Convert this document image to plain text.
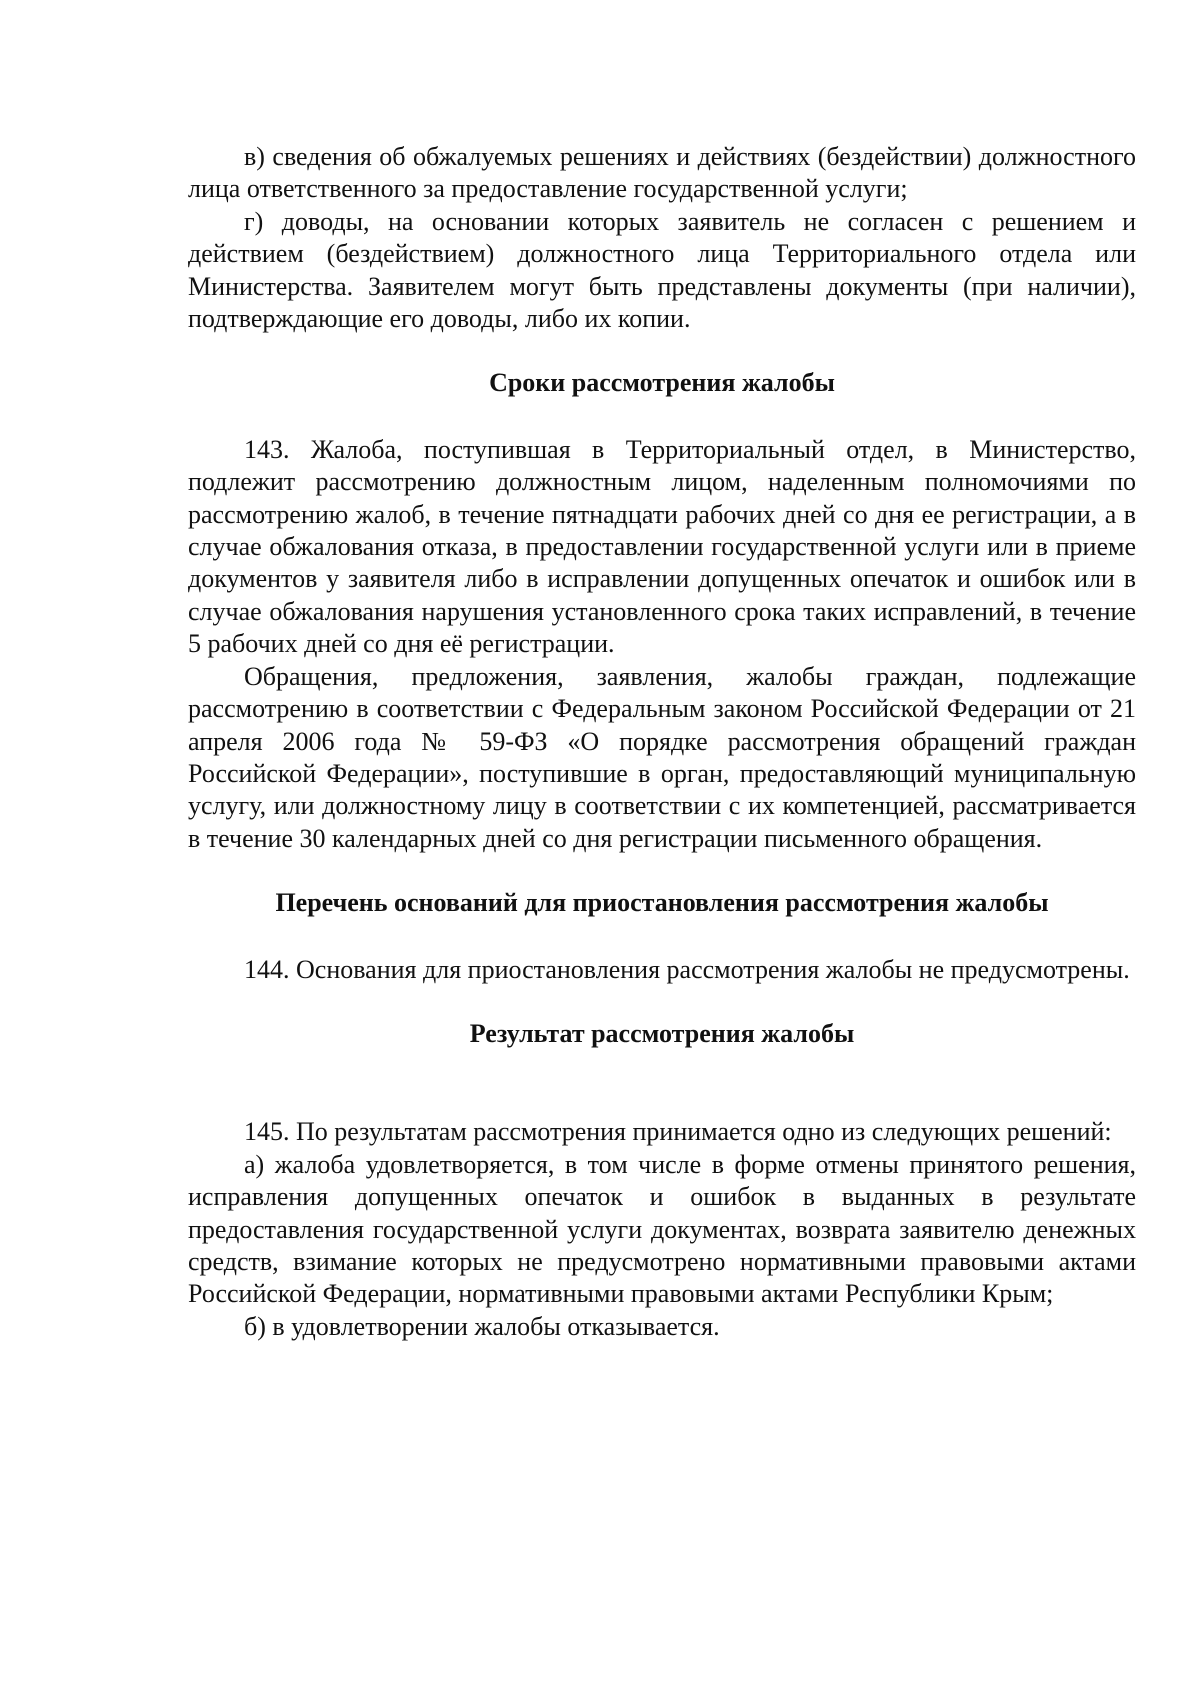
в) сведения об обжалуемых решениях и действиях (бездействии) должностного лица ответственного за предоставление государственной услуги;

г) доводы, на основании которых заявитель не согласен с решением и действием (бездействием) должностного лица Территориального отдела или Министерства. Заявителем могут быть представлены документы (при наличии), подтверждающие его доводы, либо их копии.

Сроки рассмотрения жалобы

143. Жалоба, поступившая в Территориальный отдел, в Министерство, подлежит рассмотрению должностным лицом, наделенным полномочиями по рассмотрению жалоб, в течение пятнадцати рабочих дней со дня ее регистрации, а в случае обжалования отказа, в предоставлении государственной услуги или в приеме документов у заявителя либо в исправлении допущенных опечаток и ошибок или в случае обжалования нарушения установленного срока таких исправлений, в течение 5 рабочих дней со дня её регистрации.

Обращения, предложения, заявления, жалобы граждан, подлежащие рассмотрению в соответствии с Федеральным законом Российской Федерации от 21 апреля 2006 года № 59-ФЗ «О порядке рассмотрения обращений граждан Российской Федерации», поступившие в орган, предоставляющий муниципальную услугу, или должностному лицу в соответствии с их компетенцией, рассматривается в течение 30 календарных дней со дня регистрации письменного обращения.

Перечень оснований для приостановления рассмотрения жалобы

144. Основания для приостановления рассмотрения жалобы не предусмотрены.

Результат рассмотрения жалобы

145. По результатам рассмотрения принимается одно из следующих решений:

а) жалоба удовлетворяется, в том числе в форме отмены принятого решения, исправления допущенных опечаток и ошибок в выданных в результате предоставления государственной услуги документах, возврата заявителю денежных средств, взимание которых не предусмотрено нормативными правовыми актами Российской Федерации, нормативными правовыми актами Республики Крым;

б) в удовлетворении жалобы отказывается.
